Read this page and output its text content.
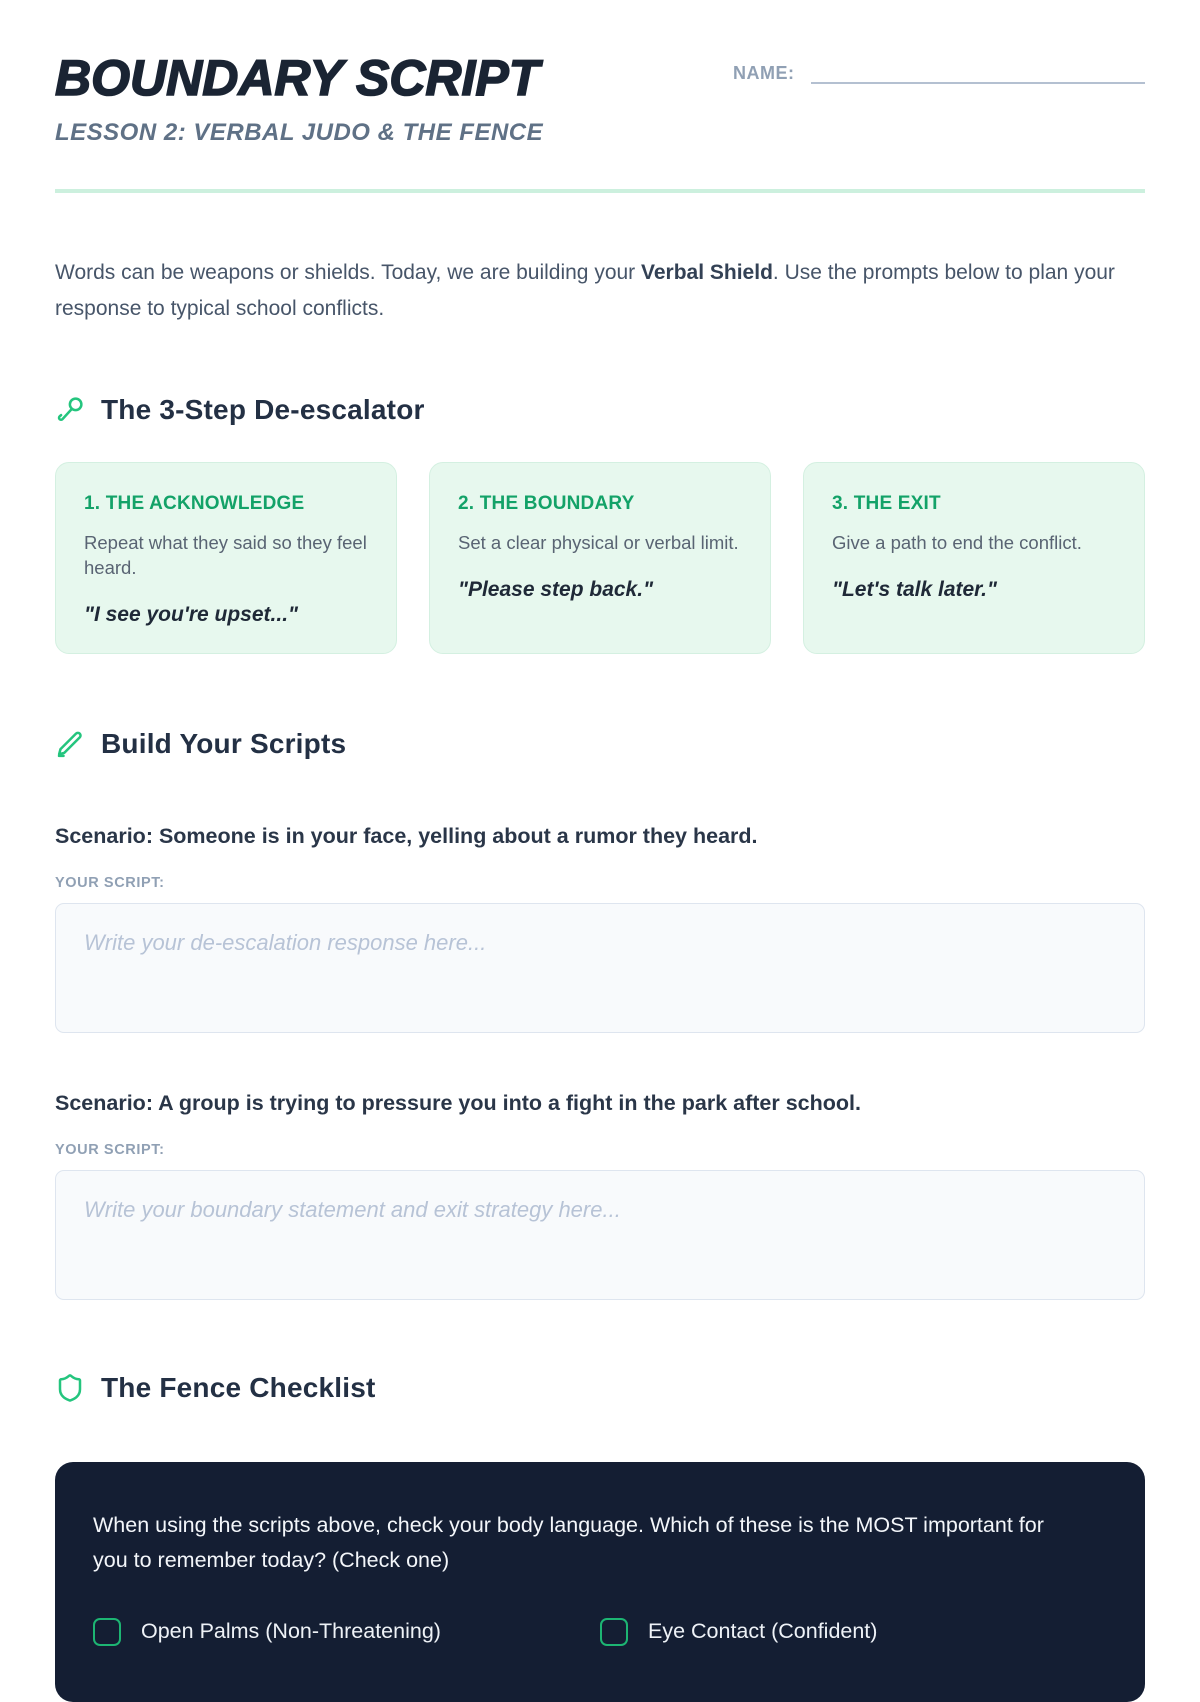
BOUNDARY SCRIPT
LESSON 2: VERBAL JUDO & THE FENCE
NAME:

Words can be weapons or shields. Today, we are building your Verbal Shield. Use the prompts below to plan your response to typical school conflicts.

The 3-Step De-escalator
1. THE ACKNOWLEDGE
Repeat what they said so they feel heard.
"I see you're upset..."
2. THE BOUNDARY
Set a clear physical or verbal limit.
"Please step back."
3. THE EXIT
Give a path to end the conflict.
"Let's talk later."
Build Your Scripts
Scenario: Someone is in your face, yelling about a rumor they heard.
YOUR SCRIPT:
Write your de-escalation response here...
Scenario: A group is trying to pressure you into a fight in the park after school.
YOUR SCRIPT:
Write your boundary statement and exit strategy here...
The Fence Checklist
When using the scripts above, check your body language. Which of these is the MOST important for you to remember today? (Check one)
Open Palms (Non-Threatening)	Eye Contact (Confident)
